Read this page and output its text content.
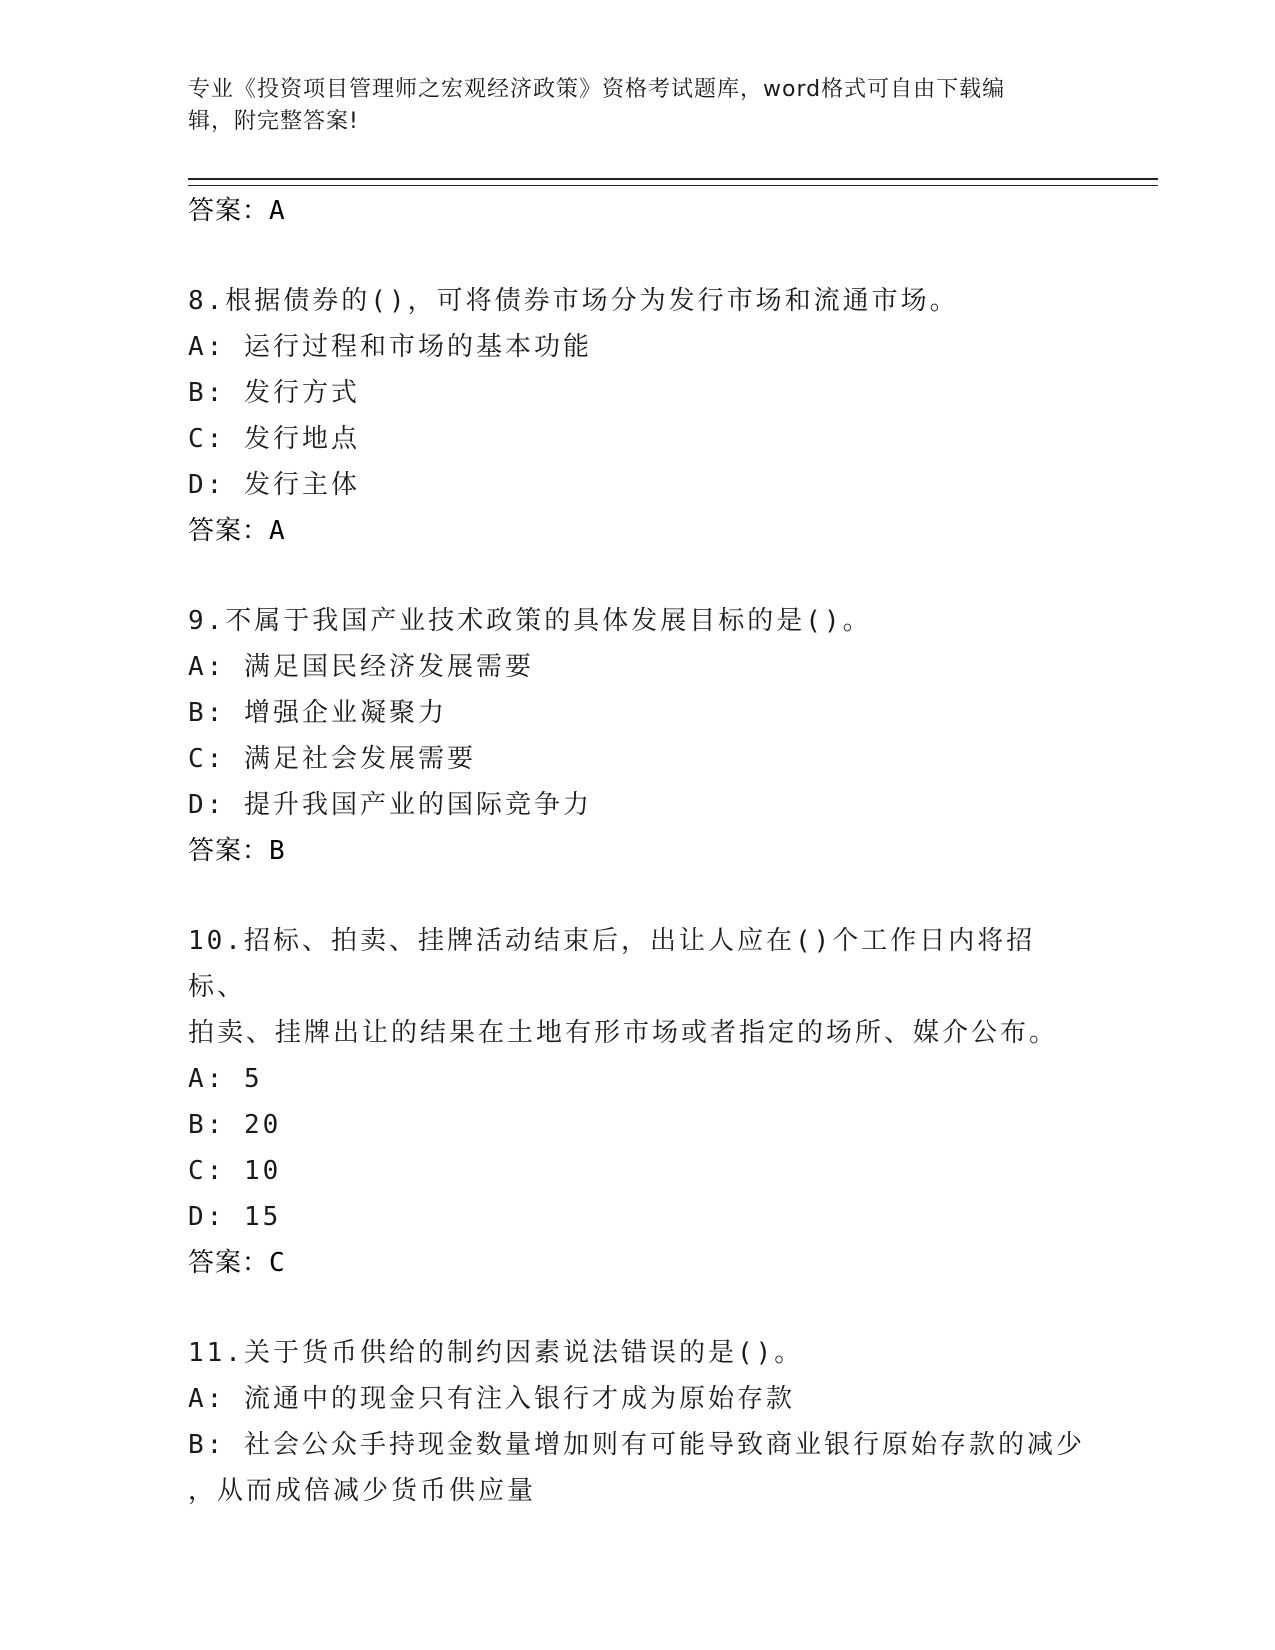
专业《投资项目管理师之宏观经济政策》资格考试题库，word格式可自由下载编
辑，附完整答案!
答案：A
8.根据债券的()，可将债券市场分为发行市场和流通市场。
A: 运行过程和市场的基本功能
B: 发行方式
C: 发行地点
D: 发行主体
答案：A
9.不属于我国产业技术政策的具体发展目标的是()。
A: 满足国民经济发展需要
B: 增强企业凝聚力
C: 满足社会发展需要
D: 提升我国产业的国际竞争力
答案：B
10.招标、拍卖、挂牌活动结束后，出让人应在()个工作日内将招标、
拍卖、挂牌出让的结果在土地有形市场或者指定的场所、媒介公布。
A: 5
B: 20
C: 10
D: 15
答案：C
11.关于货币供给的制约因素说法错误的是()。
A: 流通中的现金只有注入银行才成为原始存款
B: 社会公众手持现金数量增加则有可能导致商业银行原始存款的减少
，从而成倍减少货币供应量
